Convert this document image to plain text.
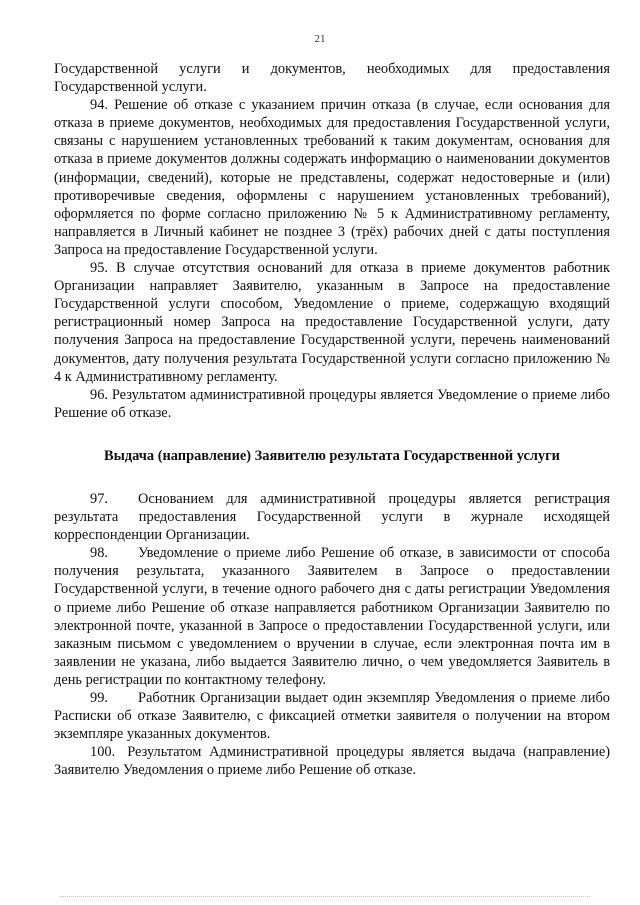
21

Государственной услуги и документов, необходимых для предоставления Государственной услуги.

94. Решение об отказе с указанием причин отказа (в случае, если основания для отказа в приеме документов, необходимых для предоставления Государственной услуги, связаны с нарушением установленных требований к таким документам, основания для отказа в приеме документов должны содержать информацию о наименовании документов (информации, сведений), которые не представлены, содержат недостоверные и (или) противоречивые сведения, оформлены с нарушением установленных требований), оформляется по форме согласно приложению № 5 к Административному регламенту, направляется в Личный кабинет не позднее 3 (трёх) рабочих дней с даты поступления Запроса на предоставление Государственной услуги.

95. В случае отсутствия оснований для отказа в приеме документов работник Организации направляет Заявителю, указанным в Запросе на предоставление Государственной услуги способом, Уведомление о приеме, содержащую входящий регистрационный номер Запроса на предоставление Государственной услуги, дату получения Запроса на предоставление Государственной услуги, перечень наименований документов, дату получения результата Государственной услуги согласно приложению № 4 к Административному регламенту.

96. Результатом административной процедуры является Уведомление о приеме либо Решение об отказе.

Выдача (направление) Заявителю результата Государственной услуги

97. Основанием для административной процедуры является регистрация результата предоставления Государственной услуги в журнале исходящей корреспонденции Организации.

98. Уведомление о приеме либо Решение об отказе, в зависимости от способа получения результата, указанного Заявителем в Запросе о предоставлении Государственной услуги, в течение одного рабочего дня с даты регистрации Уведомления о приеме либо Решение об отказе направляется работником Организации Заявителю по электронной почте, указанной в Запросе о предоставлении Государственной услуги, или заказным письмом с уведомлением о вручении в случае, если электронная почта им в заявлении не указана, либо выдается Заявителю лично, о чем уведомляется Заявитель в день регистрации по контактному телефону.

99. Работник Организации выдает один экземпляр Уведомления о приеме либо Расписки об отказе Заявителю, с фиксацией отметки заявителя о получении на втором экземпляре указанных документов.

100. Результатом Административной процедуры является выдача (направление) Заявителю Уведомления о приеме либо Решение об отказе.
